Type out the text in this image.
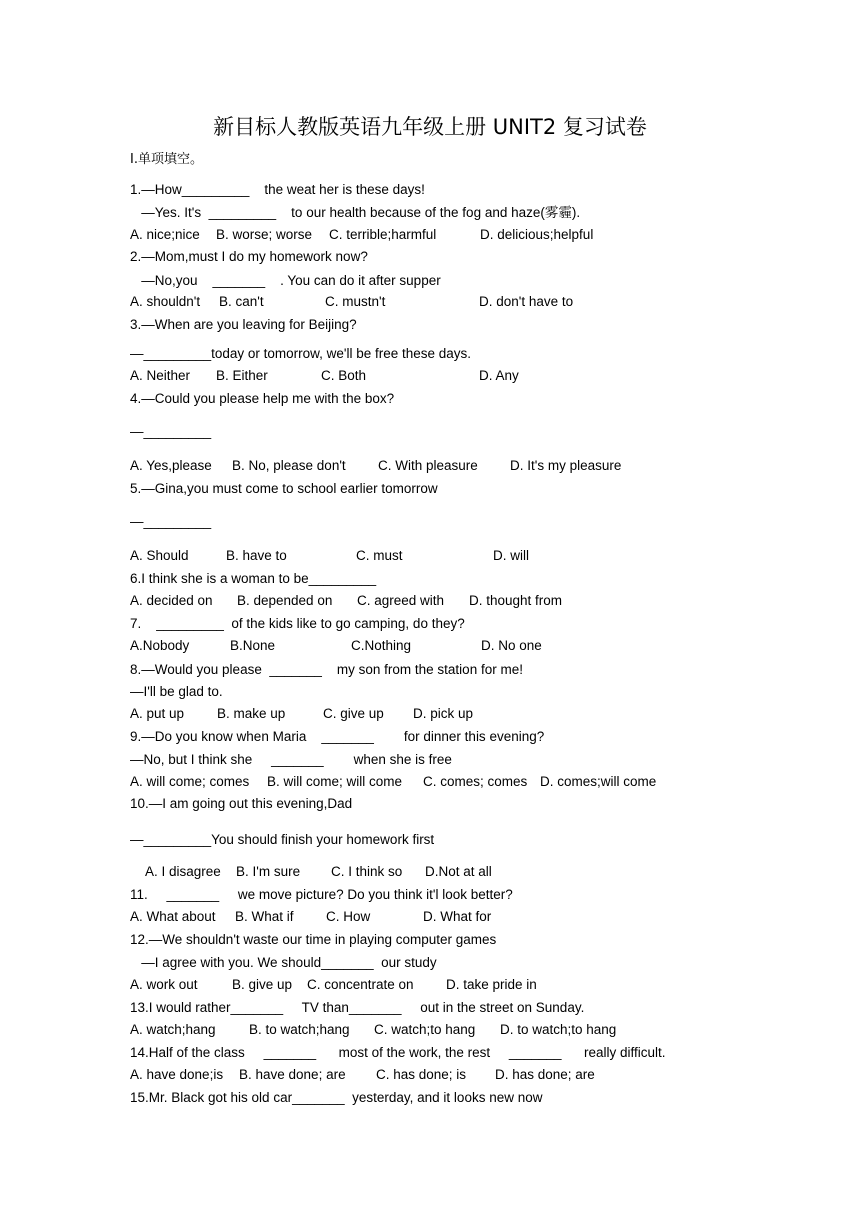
新目标人教版英语九年级上册 UNIT2 复习试卷
I.单项填空。
1.—How_________    the weat her is these days!
—Yes. It's  _________    to our health because of the fog and haze(雾霾).
A. nice;nice B. worse; worse C. terrible;harmful	D. delicious;helpful
2.—Mom,must I do my homework now?
—No,you    _______    . You can do it after supper
A. shouldn't B. can't	C. mustn't	D. don't have to
3.—When are you leaving for Beijing?
—_________today or tomorrow, we'll be free these days.
A. Neither B. Either	C. Both	D. Any
4.—Could you please help me with the box?
—_________
A. Yes,please B. No, please don't C. With pleasure D. It's my pleasure
5.—Gina,you must come to school earlier tomorrow
—_________
A. Should	B. have to	C. must	D. will
6.I think she is a woman to be_________
A. decided on B. depended on C. agreed with D. thought from
7.    _________  of the kids like to go camping, do they?
A.Nobody	B.None	C.Nothing	D. No one
8.—Would you please  _______    my son from the station for me!
—I'll be glad to.
A. put up B. make up	C. give up D. pick up
9.—Do you know when Maria    _______        for dinner this evening?
—No, but I think she     _______        when she is free
A. will come; comes B. will come; will come C. comes; comes D. comes;will come
10.—I am going out this evening,Dad
—_________You should finish your homework first
A. I disagree B. I'm sure C. I think so D.Not at all
11.     _______     we move picture? Do you think it'l look better?
A. What about B. What if C. How	D. What for
12.—We shouldn't waste our time in playing computer games
—I agree with you. We should_______  our study
A. work out	B. give up C. concentrate on D. take pride in
13.I would rather_______     TV than_______     out in the street on Sunday.
A. watch;hang B. to watch;hang C. watch;to hang D. to watch;to hang
14.Half of the class     _______      most of the work, the rest     _______      really difficult.
A. have done;is B. have done; are C. has done; is D. has done; are
15.Mr. Black got his old car_______  yesterday, and it looks new now
